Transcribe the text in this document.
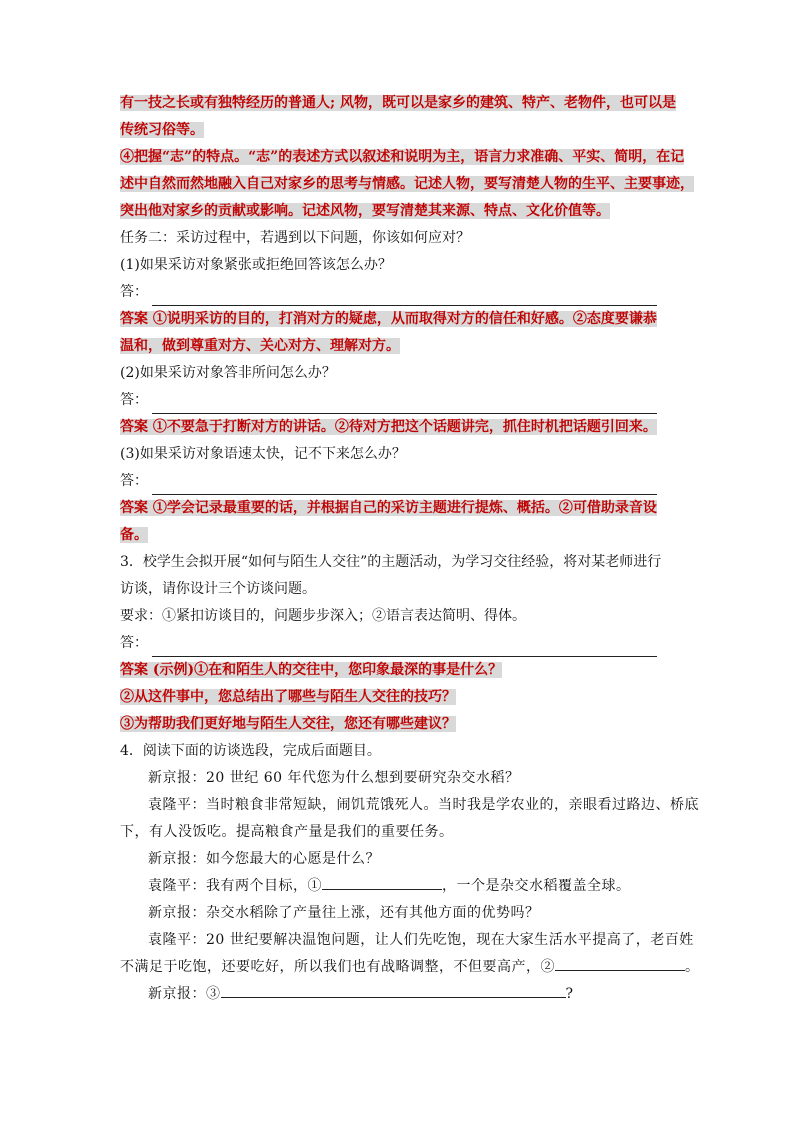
有一技之长或有独特经历的普通人; 风物，既可以是家乡的建筑、特产、老物件，也可以是
传统习俗等。
④把握“志”的特点。“志”的表述方式以叙述和说明为主，语言力求准确、平实、简明，在记
述中自然而然地融入自己对家乡的思考与情感。记述人物，要写清楚人物的生平、主要事迹，
突出他对家乡的贡献或影响。记述风物，要写清楚其来源、特点、文化价值等。
任务二：采访过程中，若遇到以下问题，你该如何应对？
(1)如果采访对象紧张或拒绝回答该怎么办？
答：
答案 ①说明采访的目的，打消对方的疑虑，从而取得对方的信任和好感。②态度要谦恭
温和，做到尊重对方、关心对方、理解对方。
(2)如果采访对象答非所问怎么办？
答：
答案 ①不要急于打断对方的讲话。②待对方把这个话题讲完，抓住时机把话题引回来。
(3)如果采访对象语速太快，记不下来怎么办？
答：
答案 ①学会记录最重要的话，并根据自己的采访主题进行提炼、概括。②可借助录音设
备。
3．校学生会拟开展“如何与陌生人交往”的主题活动，为学习交往经验，将对某老师进行
访谈，请你设计三个访谈问题。
要求：①紧扣访谈目的，问题步步深入；②语言表达简明、得体。
答：
答案 (示例)①在和陌生人的交往中，您印象最深的事是什么？
②从这件事中，您总结出了哪些与陌生人交往的技巧？
③为帮助我们更好地与陌生人交往，您还有哪些建议？
4．阅读下面的访谈选段，完成后面题目。
新京报：20 世纪 60 年代您为什么想到要研究杂交水稻？
袁隆平：当时粮食非常短缺，闹饥荒饿死人。当时我是学农业的，亲眼看过路边、桥底
下，有人没饭吃。提高粮食产量是我们的重要任务。
新京报：如今您最大的心愿是什么？
袁隆平：我有两个目标，①	，一个是杂交水稻覆盖全球。
新京报：杂交水稻除了产量往上涨，还有其他方面的优势吗？
袁隆平：20 世纪要解决温饱问题，让人们先吃饱，现在大家生活水平提高了，老百姓
不满足于吃饱，还要吃好，所以我们也有战略调整，不但要高产，②	。
新京报：③	?
